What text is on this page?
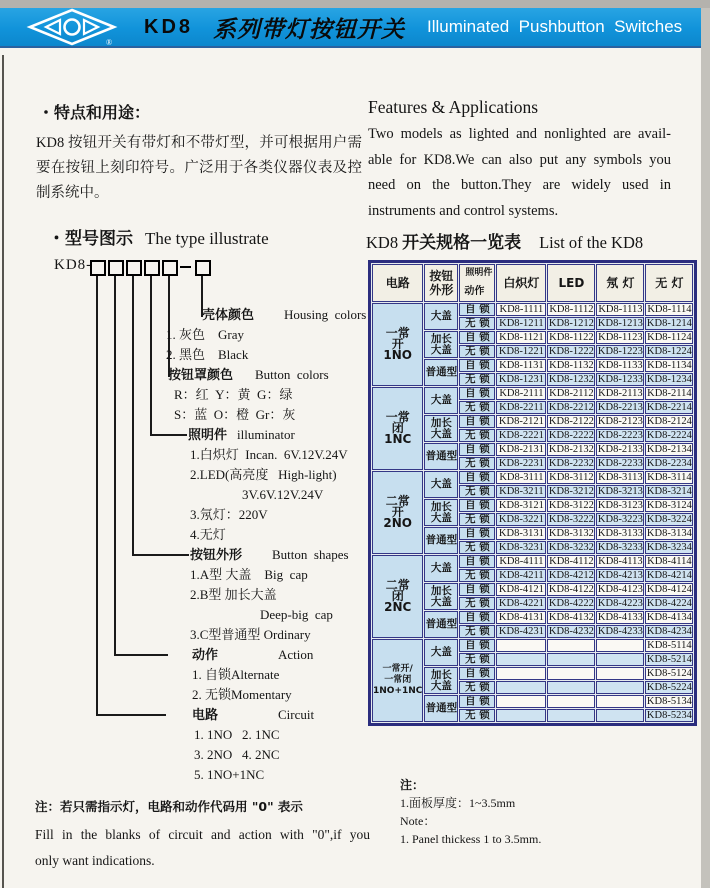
®
KD8 系列带灯按钮开关 Illuminated  Pushbutton  Switches
・特点和用途：
KD8 按钮开关有带灯和不带灯型，并可根据用户需
要在按钮上刻印符号。广泛用于各类仪器仪表及控
制系统中。
Features & Applications
Two models as lighted and nonlighted are avail-
able for KD8.We can also put any symbols you
need on the button.They are widely used in
instruments and control systems.
・型号图示 The type illustrate	KD8 开关规格一览表 List of the KD8
KD8-
壳体颜色 Housing  colors
1. 灰色    Gray
2. 黑色    Black
按钮罩颜色 Button  colors
R：红  Y：黄  G：绿
S：蓝  O：橙  Gr：灰
照明件 illuminator
1.白炽灯  Incan.  6V.12V.24V
2.LED(高亮度   High-light)
3V.6V.12V.24V
3.氖灯：220V
4.无灯
按钮外形 Button  shapes
1.A型 大盖    Big  cap
2.B型 加长大盖
Deep-big  cap
3.C型普通型 Ordinary
动作	Action
1. 自锁Alternate
2. 无锁Momentary
电路	Circuit
1. 1NO   2. 1NC
3. 2NO   4. 2NC
5. 1NO+1NC
注：若只需指示灯，电路和动作代码用 "0" 表示
Fill in the blanks of circuit and action with "0",if you
only want indications.
电路	
按钮
外形

照明件
动作
	白炽灯	LED	氖 灯	无 灯

一常
开
1NO	大盖	自 锁	KD8-1111	KD8-1112	KD8-1113	KD8-1114
		无 锁	KD8-1211	KD8-1212	KD8-1213	KD8-1214

	加长
大盖	自 锁	KD8-1121	KD8-1122	KD8-1123	KD8-1124
		无 锁	KD8-1221	KD8-1222	KD8-1223	KD8-1224

	普通型	自 锁	KD8-1131	KD8-1132	KD8-1133	KD8-1134
		无 锁	KD8-1231	KD8-1232	KD8-1233	KD8-1234

一常
闭
1NC	大盖	自 锁	KD8-2111	KD8-2112	KD8-2113	KD8-2114
		无 锁	KD8-2211	KD8-2212	KD8-2213	KD8-2214

	加长
大盖	自 锁	KD8-2121	KD8-2122	KD8-2123	KD8-2124
		无 锁	KD8-2221	KD8-2222	KD8-2223	KD8-2224

	普通型	自 锁	KD8-2131	KD8-2132	KD8-2133	KD8-2134
		无 锁	KD8-2231	KD8-2232	KD8-2233	KD8-2234

二常
开
2NO	大盖	自 锁	KD8-3111	KD8-3112	KD8-3113	KD8-3114
		无 锁	KD8-3211	KD8-3212	KD8-3213	KD8-3214

	加长
大盖	自 锁	KD8-3121	KD8-3122	KD8-3123	KD8-3124
		无 锁	KD8-3221	KD8-3222	KD8-3223	KD8-3224

	普通型	自 锁	KD8-3131	KD8-3132	KD8-3133	KD8-3134
		无 锁	KD8-3231	KD8-3232	KD8-3233	KD8-3234

二常
闭
2NC	大盖	自 锁	KD8-4111	KD8-4112	KD8-4113	KD8-4114
		无 锁	KD8-4211	KD8-4212	KD8-4213	KD8-4214

	加长
大盖	自 锁	KD8-4121	KD8-4122	KD8-4123	KD8-4124
		无 锁	KD8-4221	KD8-4222	KD8-4223	KD8-4224

	普通型	自 锁	KD8-4131	KD8-4132	KD8-4133	KD8-4134
		无 锁	KD8-4231	KD8-4232	KD8-4233	KD8-4234

一常开/
一常闭
1NO+1NC	大盖	自 锁				KD8-5114
		无 锁				KD8-5214

	加长
大盖	自 锁				KD8-5124
		无 锁				KD8-5224

	普通型	自 锁				KD8-5134
		无 锁				KD8-5234
注：
1.面板厚度：1~3.5mm
Note：
1. Panel thickess 1 to 3.5mm.
